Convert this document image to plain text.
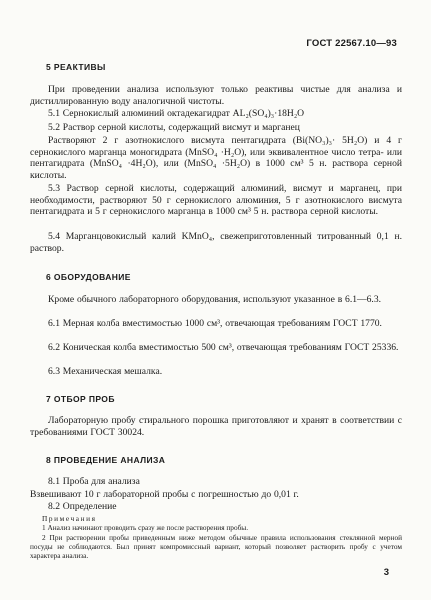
ГОСТ 22567.10—93
5 РЕАКТИВЫ
При проведении анализа используют только реактивы чистые для анализа и дистиллированную воду аналогичной чистоты.
5.1 Сернокислый алюминий октадекагидрат AL₂(SO₄)₃·18H₂O
5.2 Раствор серной кислоты, содержащий висмут и марганец
Растворяют 2 г азотнокислого висмута пентагидрата (Bi(NO₃)₃· 5H₂O) и 4 г сернокислого марганца моногидрата (MnSO₄ ·H₂O), или эквивалентное число тетра- или пентагидрата (MnSO₄ ·4H₂O), или (MnSO₄ ·5H₂O) в 1000 см³ 5 н. раствора серной кислоты.
5.3 Раствор серной кислоты, содержащий алюминий, висмут и марганец, при необходимости, растворяют 50 г сернокислого алюминия, 5 г азотнокислого висмута пентагидрата и 5 г сернокислого марганца в 1000 см³ 5 н. раствора серной кислоты.
5.4 Марганцовокислый калий KMnO₄, свежеприготовленный титрованный 0,1 н. раствор.
6 ОБОРУДОВАНИЕ
Кроме обычного лабораторного оборудования, используют указанное в 6.1—6.3.
6.1 Мерная колба вместимостью 1000 см³, отвечающая требованиям ГОСТ 1770.
6.2 Коническая колба вместимостью 500 см³, отвечающая требованиям ГОСТ 25336.
6.3 Механическая мешалка.
7 ОТБОР ПРОБ
Лабораторную пробу стирального порошка приготовляют и хранят в соответствии с требованиями ГОСТ 30024.
8 ПРОВЕДЕНИЕ АНАЛИЗА
8.1 Проба для анализа
Взвешивают 10 г лабораторной пробы с погрешностью до 0,01 г.
8.2 Определение
Примечания
1 Анализ начинают проводить сразу же после растворения пробы.
2 При растворении пробы приведенным ниже методом обычные правила использования стеклянной мерной посуды не соблюдаются. Был принят компромиссный вариант, который позволяет растворить пробу с учетом характера анализа.
3
